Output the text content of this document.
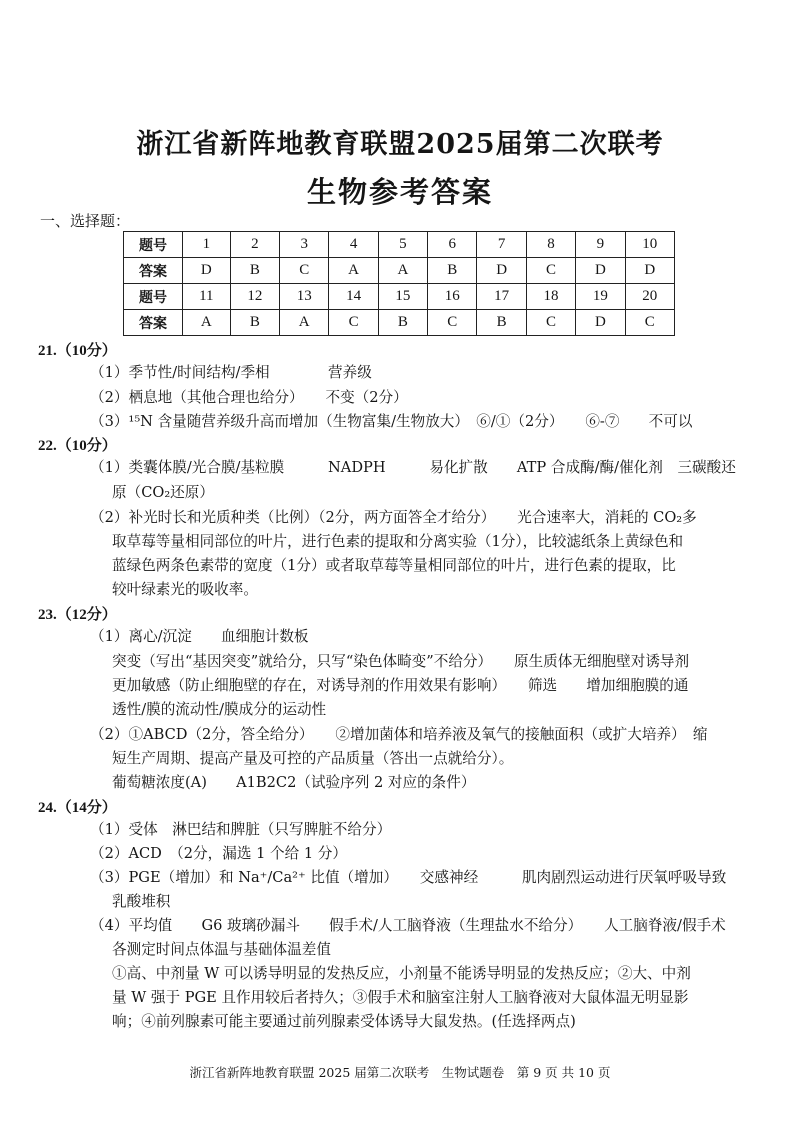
浙江省新阵地教育联盟2025届第二次联考
生物参考答案
一、选择题：
题号	1	2	3	4	5	6	7	8	9	10
答案	D	B	C	A	A	B	D	C	D	D
题号	11	12	13	14	15	16	17	18	19	20
答案	A	B	A	C	B	C	B	C	D	C
21.（10分）
（1）季节性/时间结构/季相　　　　营养级
（2）栖息地（其他合理也给分）　　不变（2分）
（3）¹⁵N 含量随营养级升高而增加（生物富集/生物放大）　⑥/①（2分）　　⑥-⑦　　不可以
22.（10分）
（1）类囊体膜/光合膜/基粒膜　　　NADPH　　　易化扩散　　ATP 合成酶/酶/催化剂　三碳酸还
原（CO₂还原）
（2）补光时长和光质种类（比例）（2分，两方面答全才给分）　　光合速率大，消耗的 CO₂多
取草莓等量相同部位的叶片，进行色素的提取和分离实验（1分），比较滤纸条上黄绿色和
蓝绿色两条色素带的宽度（1分）或者取草莓等量相同部位的叶片，进行色素的提取，比
较叶绿素光的吸收率。
23.（12分）
（1）离心/沉淀　　血细胞计数板
突变（写出“基因突变”就给分，只写“染色体畸变”不给分）　　原生质体无细胞壁对诱导剂
更加敏感（防止细胞壁的存在，对诱导剂的作用效果有影响）　　筛选　　增加细胞膜的通
透性/膜的流动性/膜成分的运动性
（2）①ABCD（2分，答全给分）　　②增加菌体和培养液及氧气的接触面积（或扩大培养）　缩
短生产周期、提高产量及可控的产品质量（答出一点就给分）。
葡萄糖浓度(A)　　A1B2C2（试验序列 2 对应的条件）
24.（14分）
（1）受体　淋巴结和脾脏（只写脾脏不给分）
（2）ACD　（2分，漏选 1 个给 1 分）
（3）PGE（增加）和 Na⁺/Ca²⁺ 比值（增加）　　交感神经　　　肌肉剧烈运动进行厌氧呼吸导致
乳酸堆积
（4）平均值　　G6 玻璃砂漏斗　　假手术/人工脑脊液（生理盐水不给分）　　人工脑脊液/假手术
各测定时间点体温与基础体温差值
①高、中剂量 W 可以诱导明显的发热反应，小剂量不能诱导明显的发热反应；②大、中剂
量 W 强于 PGE 且作用较后者持久；③假手术和脑室注射人工脑脊液对大鼠体温无明显影
响；④前列腺素可能主要通过前列腺素受体诱导大鼠发热。(任选择两点)
浙江省新阵地教育联盟 2025 届第二次联考　生物试题卷　第 9 页 共 10 页
